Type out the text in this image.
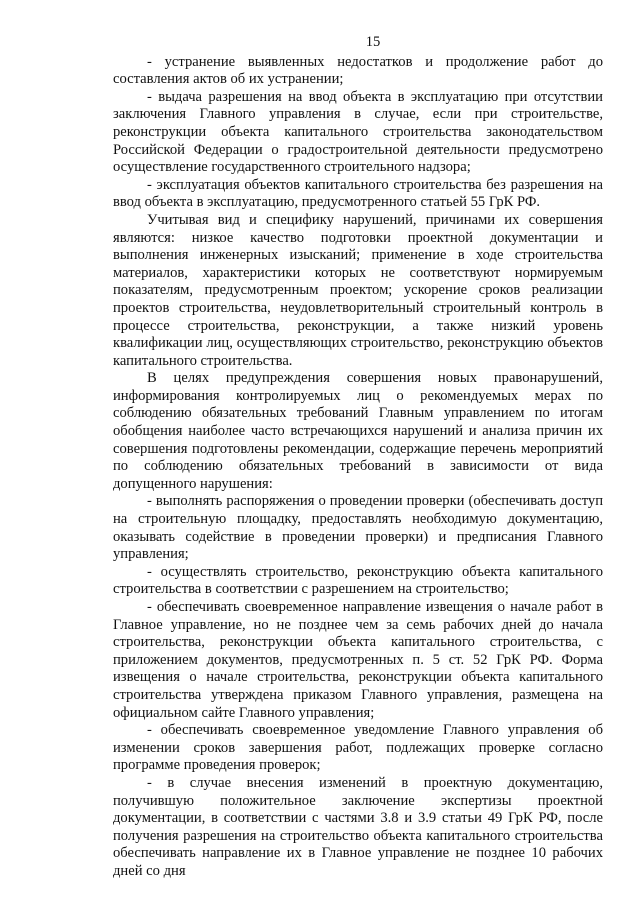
15

- устранение выявленных недостатков и продолжение работ до составления актов об их устранении;

- выдача разрешения на ввод объекта в эксплуатацию при отсутствии заключения Главного управления в случае, если при строительстве, реконструкции объекта капитального строительства законодательством Российской Федерации о градостроительной деятельности предусмотрено осуществление государственного строительного надзора;

- эксплуатация объектов капитального строительства без разрешения на ввод объекта в эксплуатацию, предусмотренного статьей 55 ГрК РФ.

Учитывая вид и специфику нарушений, причинами их совершения являются: низкое качество подготовки проектной документации и выполнения инженерных изысканий; применение в ходе строительства материалов, характеристики которых не соответствуют нормируемым показателям, предусмотренным проектом; ускорение сроков реализации проектов строительства, неудовлетворительный строительный контроль в процессе строительства, реконструкции, а также низкий уровень квалификации лиц, осуществляющих строительство, реконструкцию объектов капитального строительства.

В целях предупреждения совершения новых правонарушений, информирования контролируемых лиц о рекомендуемых мерах по соблюдению обязательных требований Главным управлением по итогам обобщения наиболее часто встречающихся нарушений и анализа причин их совершения подготовлены рекомендации, содержащие перечень мероприятий по соблюдению обязательных требований в зависимости от вида допущенного нарушения:

- выполнять распоряжения о проведении проверки (обеспечивать доступ на строительную площадку, предоставлять необходимую документацию, оказывать содействие в проведении проверки) и предписания Главного управления;

- осуществлять строительство, реконструкцию объекта капитального строительства в соответствии с разрешением на строительство;

- обеспечивать своевременное направление извещения о начале работ в Главное управление, но не позднее чем за семь рабочих дней до начала строительства, реконструкции объекта капитального строительства, с приложением документов, предусмотренных п. 5 ст. 52 ГрК РФ. Форма извещения о начале строительства, реконструкции объекта капитального строительства утверждена приказом Главного управления, размещена на официальном сайте Главного управления;

- обеспечивать своевременное уведомление Главного управления об изменении сроков завершения работ, подлежащих проверке согласно программе проведения проверок;

- в случае внесения изменений в проектную документацию, получившую положительное заключение экспертизы проектной документации, в соответствии с частями 3.8 и 3.9 статьи 49 ГрК РФ, после получения разрешения на строительство объекта капитального строительства обеспечивать направление их в Главное управление не позднее 10 рабочих дней со дня
